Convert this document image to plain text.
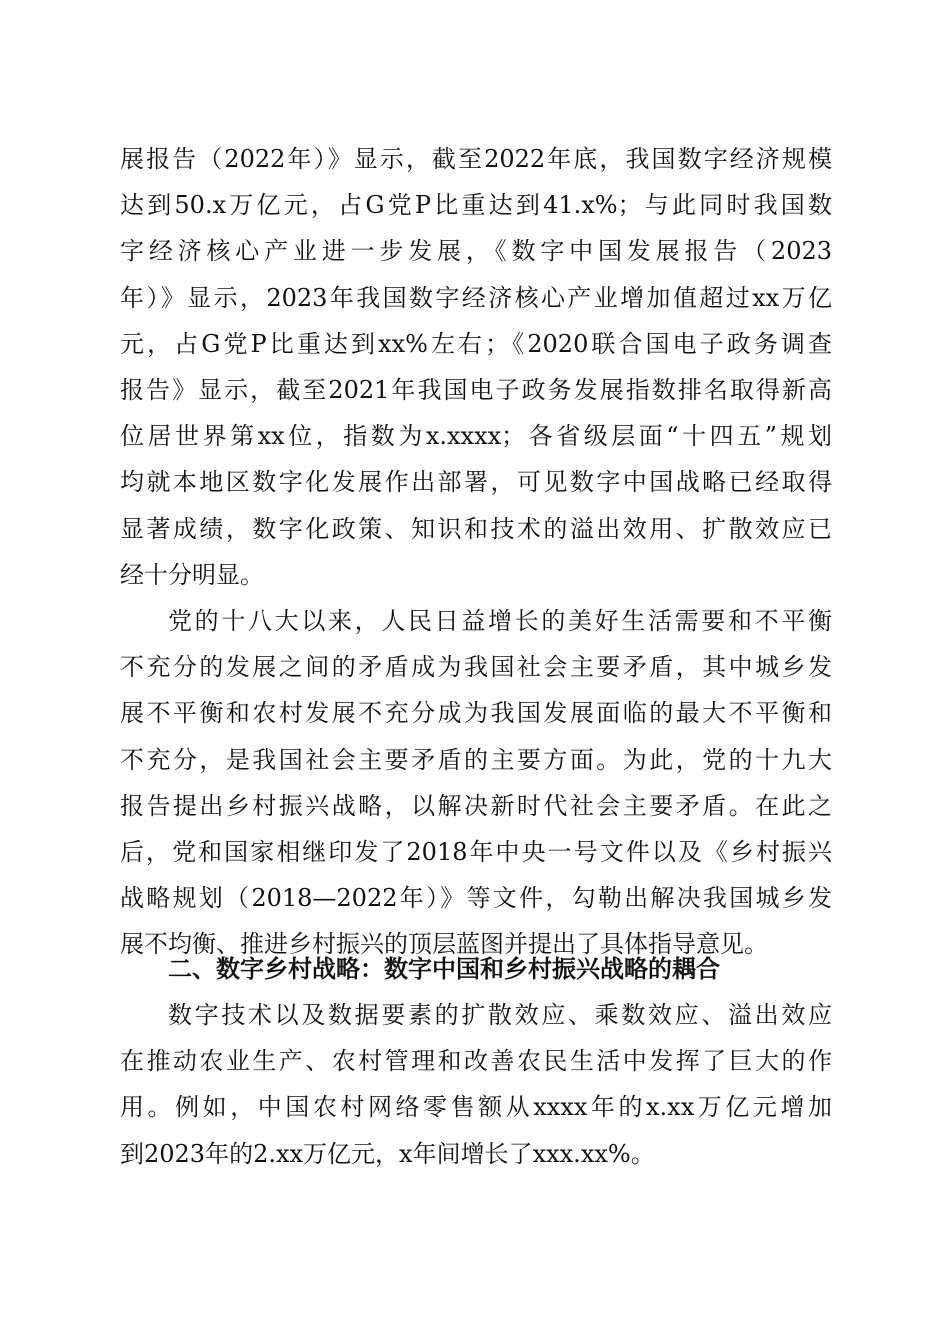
展报告（2022年）》显示，截至2022年底，我国数字经济规模
达到50.x万亿元，占G党P比重达到41.x%；与此同时我国数
字经济核心产业进一步发展，《数字中国发展报告（2023
年）》显示，2023年我国数字经济核心产业增加值超过xx万亿
元，占G党P比重达到xx%左右；《2020联合国电子政务调查
报告》显示，截至2021年我国电子政务发展指数排名取得新高
位居世界第xx位，指数为x.xxxx；各省级层面“十四五”规划
均就本地区数字化发展作出部署，可见数字中国战略已经取得
显著成绩，数字化政策、知识和技术的溢出效用、扩散效应已
经十分明显。
党的十八大以来，人民日益增长的美好生活需要和不平衡
不充分的发展之间的矛盾成为我国社会主要矛盾，其中城乡发
展不平衡和农村发展不充分成为我国发展面临的最大不平衡和
不充分，是我国社会主要矛盾的主要方面。为此，党的十九大
报告提出乡村振兴战略，以解决新时代社会主要矛盾。在此之
后，党和国家相继印发了2018年中央一号文件以及《乡村振兴
战略规划（2018—2022年）》等文件，勾勒出解决我国城乡发
展不均衡、推进乡村振兴的顶层蓝图并提出了具体指导意见。
二、数字乡村战略：数字中国和乡村振兴战略的耦合
数字技术以及数据要素的扩散效应、乘数效应、溢出效应
在推动农业生产、农村管理和改善农民生活中发挥了巨大的作
用。例如，中国农村网络零售额从xxxx年的x.xx万亿元增加
到2023年的2.xx万亿元，x年间增长了xxx.xx%。
